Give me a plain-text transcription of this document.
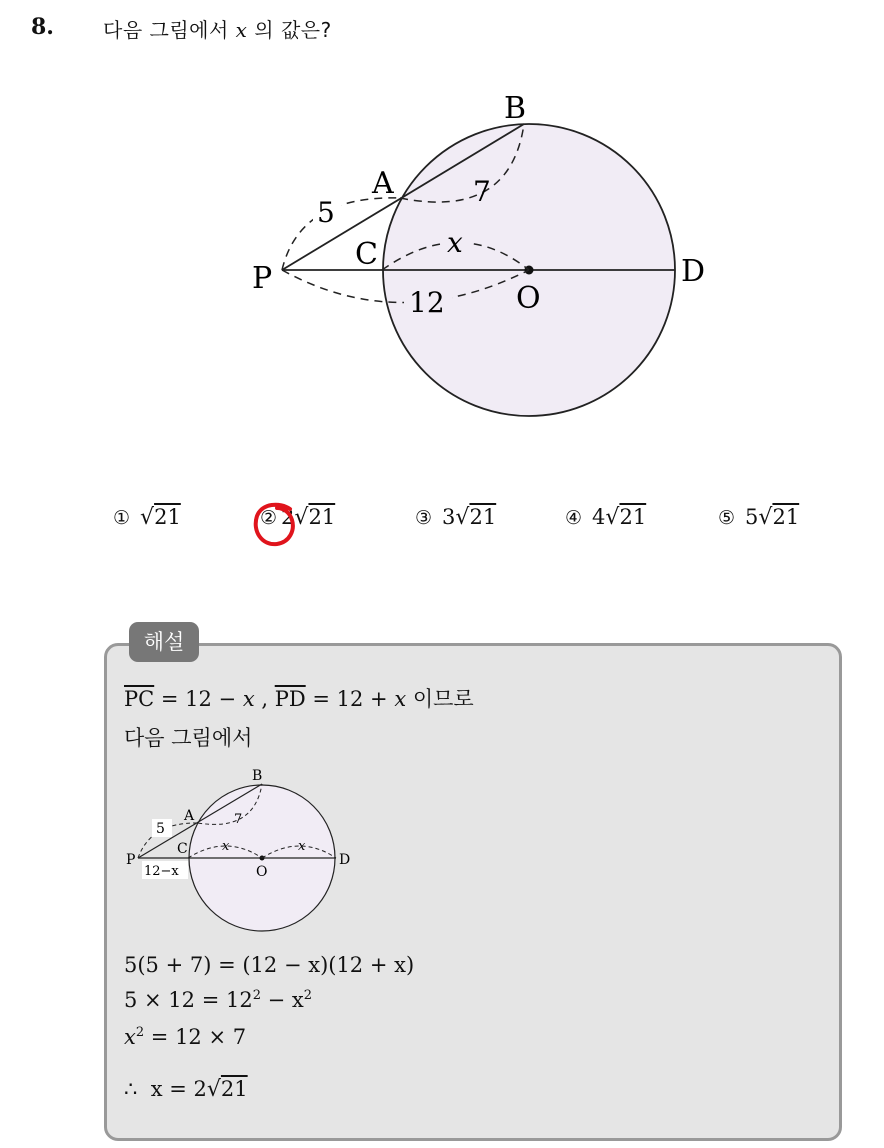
8. 다음 그림에서 x 의 값은?
B
A
C
P	D
O
5
7
x
12
① √21	② 2√21	③ 3√21	④ 4√21	⑤ 5√21
해설
$\overline{PC} = 12 - x$ , $\overline{PD} = 12 + x$ 이므로
다음 그림에서
B
A
C
P	D
O
5
7
x	x
12−x
5(5 + 7) = (12 − x)(12 + x)
$5 \times 12 = 12^2 - x^2$
$x^2 = 12 \times 7$
∴ x = 2√21
